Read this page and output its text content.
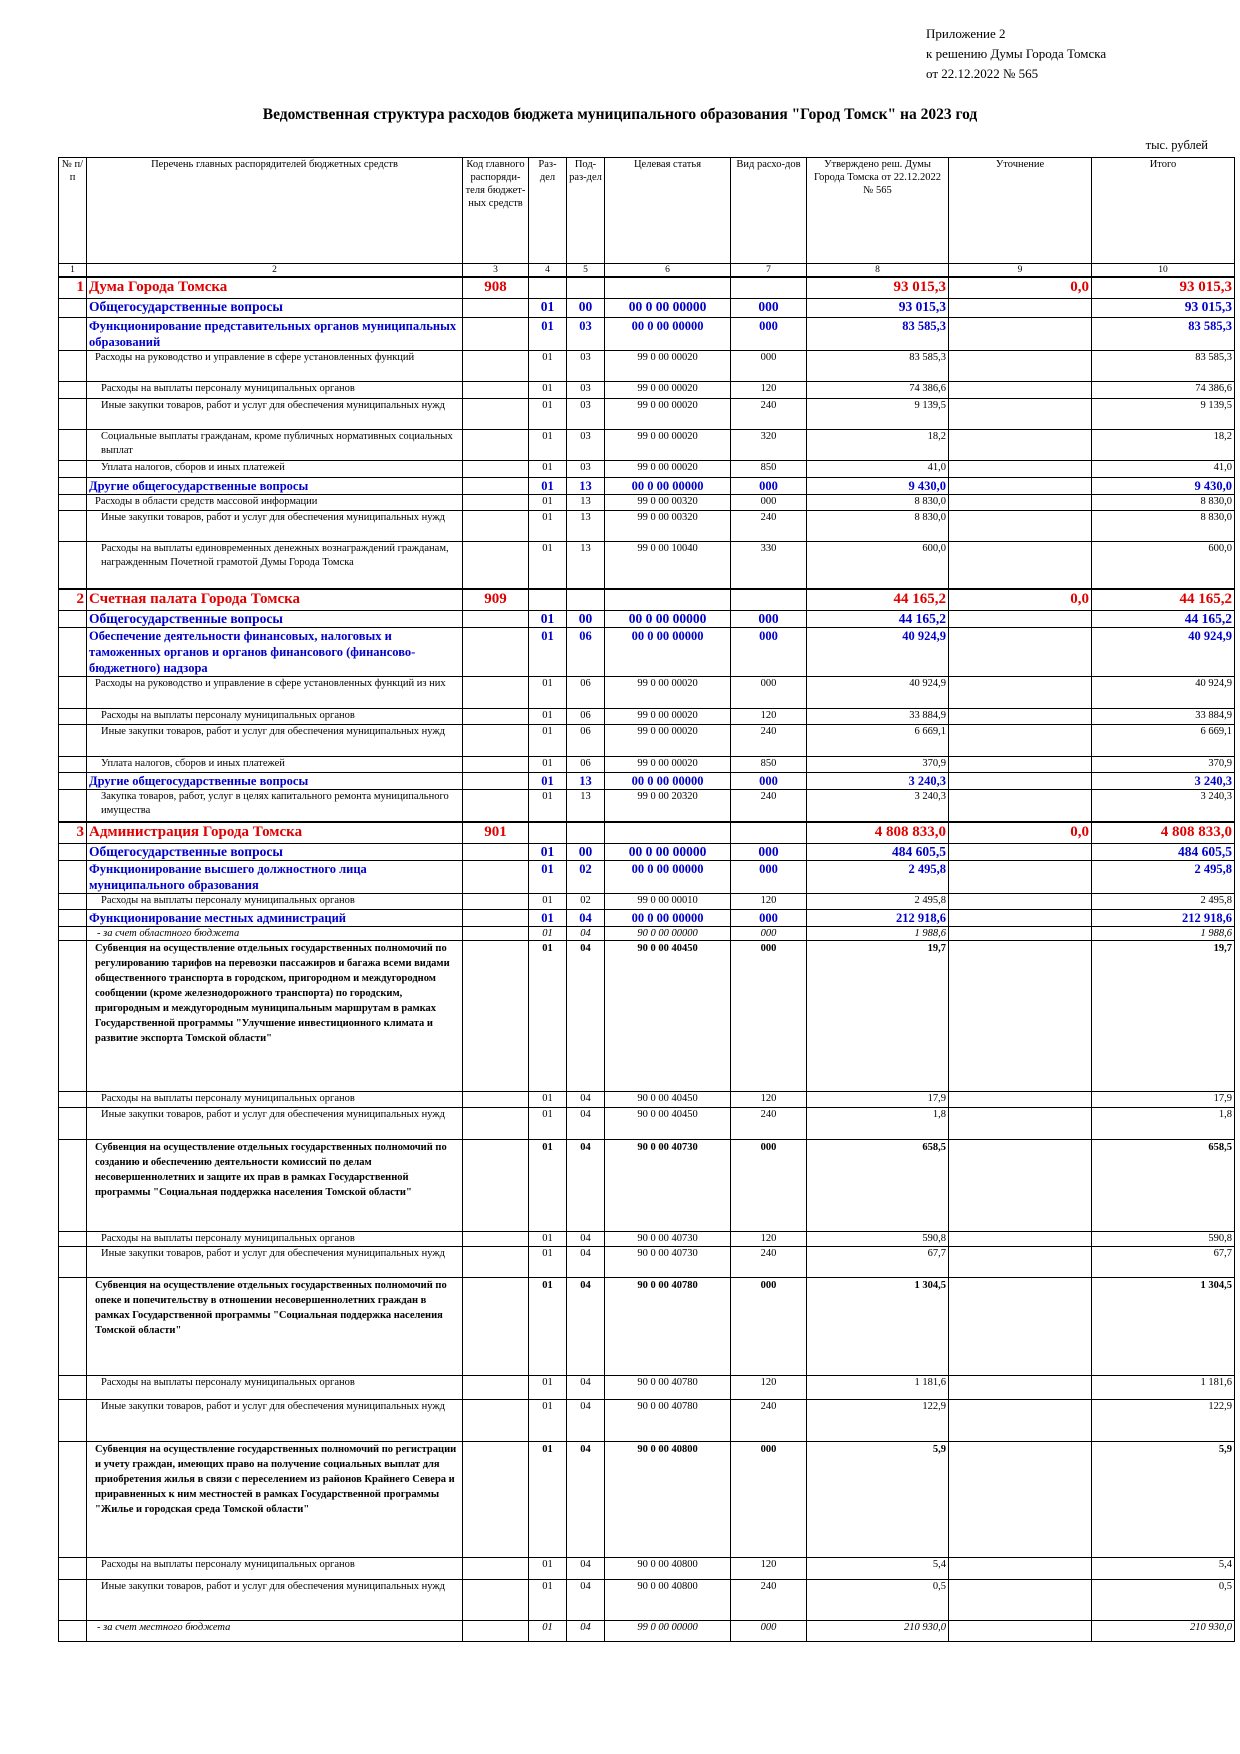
Приложение 2
к решению Думы Города Томска
от 22.12.2022 № 565
Ведомственная структура расходов бюджета муниципального образования "Город Томск" на 2023 год
тыс. рублей
№ п/п	Перечень главных распорядителей бюджетных средств	Код главного распоряди-теля бюджет-ных средств	Раз-дел	Под-раз-дел	Целевая статья	Вид расхо-дов	Утверждено реш. Думы Города Томска от 22.12.2022 № 565	Уточнение	Итого
1	2	3	4	5	6	7	8	9	10
1	Дума Города Томска	908					93 015,3	0,0	93 015,3
	Общегосударственные вопросы		01	00	00 0 00 00000	000	93 015,3		93 015,3
	Функционирование представительных органов муниципальных образований		01	03	00 0 00 00000	000	83 585,3		83 585,3
	Расходы на руководство и управление в сфере установленных функций		01	03	99 0 00 00020	000	83 585,3		83 585,3
	Расходы на выплаты персоналу муниципальных органов		01	03	99 0 00 00020	120	74 386,6		74 386,6
	Иные закупки товаров, работ и услуг для обеспечения муниципальных нужд		01	03	99 0 00 00020	240	9 139,5		9 139,5
	Социальные выплаты гражданам, кроме публичных нормативных социальных выплат		01	03	99 0 00 00020	320	18,2		18,2
	Уплата налогов, сборов и иных платежей		01	03	99 0 00 00020	850	41,0		41,0
	Другие общегосударственные вопросы		01	13	00 0 00 00000	000	9 430,0		9 430,0
	Расходы в области средств массовой информации		01	13	99 0 00 00320	000	8 830,0		8 830,0
	Иные закупки товаров, работ и услуг для обеспечения муниципальных нужд		01	13	99 0 00 00320	240	8 830,0		8 830,0
	Расходы на выплаты единовременных денежных вознаграждений гражданам, награжденным Почетной грамотой Думы Города Томска		01	13	99 0 00 10040	330	600,0		600,0
2	Счетная палата Города Томска	909					44 165,2	0,0	44 165,2
	Общегосударственные вопросы		01	00	00 0 00 00000	000	44 165,2		44 165,2
	Обеспечение деятельности финансовых, налоговых и таможенных органов и органов финансового (финансово-бюджетного) надзора		01	06	00 0 00 00000	000	40 924,9		40 924,9
	Расходы на руководство и управление в сфере установленных функций из них		01	06	99 0 00 00020	000	40 924,9		40 924,9
	Расходы на выплаты персоналу муниципальных органов		01	06	99 0 00 00020	120	33 884,9		33 884,9
	Иные закупки товаров, работ и услуг для обеспечения муниципальных нужд		01	06	99 0 00 00020	240	6 669,1		6 669,1
	Уплата налогов, сборов и иных платежей		01	06	99 0 00 00020	850	370,9		370,9
	Другие общегосударственные вопросы		01	13	00 0 00 00000	000	3 240,3		3 240,3
	Закупка товаров, работ, услуг в целях капитального ремонта муниципального имущества		01	13	99 0 00 20320	240	3 240,3		3 240,3
3	Администрация Города Томска	901					4 808 833,0	0,0	4 808 833,0
	Общегосударственные вопросы		01	00	00 0 00 00000	000	484 605,5		484 605,5
	Функционирование высшего должностного лица муниципального образования		01	02	00 0 00 00000	000	2 495,8		2 495,8
	Расходы на выплаты персоналу муниципальных органов		01	02	99 0 00 00010	120	2 495,8		2 495,8
	Функционирование местных администраций		01	04	00 0 00 00000	000	212 918,6		212 918,6
	- за счет областного бюджета		01	04	90 0 00 00000	000	1 988,6		1 988,6
	Субвенция на осуществление отдельных государственных полномочий по регулированию тарифов на перевозки пассажиров и багажа всеми видами общественного транспорта в городском, пригородном и междугородном сообщении (кроме железнодорожного транспорта) по городским, пригородным и междугородным муниципальным маршрутам в рамках Государственной программы "Улучшение инвестиционного климата и развитие экспорта Томской области"		01	04	90 0 00 40450	000	19,7		19,7
	Расходы на выплаты персоналу муниципальных органов		01	04	90 0 00 40450	120	17,9		17,9
	Иные закупки товаров, работ и услуг для обеспечения муниципальных нужд		01	04	90 0 00 40450	240	1,8		1,8
	Субвенция на осуществление отдельных государственных полномочий по созданию и обеспечению деятельности комиссий по делам несовершеннолетних и защите их прав в рамках Государственной программы "Социальная поддержка населения Томской области"		01	04	90 0 00 40730	000	658,5		658,5
	Расходы на выплаты персоналу муниципальных органов		01	04	90 0 00 40730	120	590,8		590,8
	Иные закупки товаров, работ и услуг для обеспечения муниципальных нужд		01	04	90 0 00 40730	240	67,7		67,7
	Субвенция на осуществление отдельных государственных полномочий по опеке и попечительству в отношении несовершеннолетних граждан в рамках Государственной программы "Социальная поддержка населения Томской области"		01	04	90 0 00 40780	000	1 304,5		1 304,5
	Расходы на выплаты персоналу муниципальных органов		01	04	90 0 00 40780	120	1 181,6		1 181,6
	Иные закупки товаров, работ и услуг для обеспечения муниципальных нужд		01	04	90 0 00 40780	240	122,9		122,9
	Субвенция на осуществление государственных полномочий по регистрации и учету граждан, имеющих право на получение социальных выплат для приобретения жилья в связи с переселением из районов Крайнего Севера и приравненных к ним местностей в рамках Государственной программы "Жилье и городская среда Томской области"		01	04	90 0 00 40800	000	5,9		5,9
	Расходы на выплаты персоналу муниципальных органов		01	04	90 0 00 40800	120	5,4		5,4
	Иные закупки товаров, работ и услуг для обеспечения муниципальных нужд		01	04	90 0 00 40800	240	0,5		0,5
	- за счет местного бюджета		01	04	99 0 00 00000	000	210 930,0		210 930,0
